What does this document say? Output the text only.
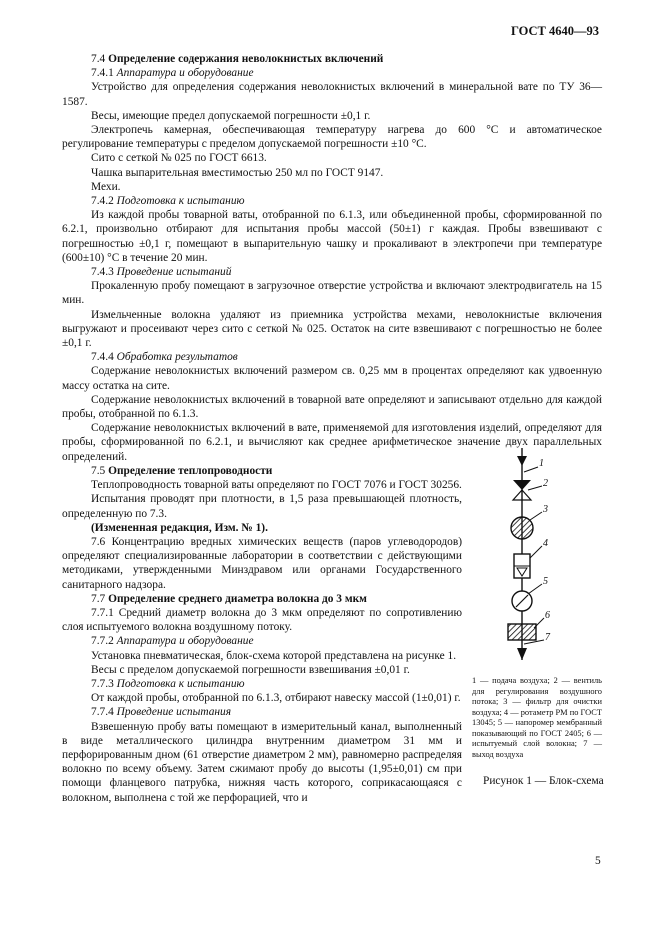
ГОСТ 4640—93

7.4 Определение содержания неволокнистых включений

7.4.1 Аппаратура и оборудование

Устройство для определения содержания неволокнистых включений в минеральной вате по ТУ 36—1587.

Весы, имеющие предел допускаемой погрешности ±0,1 г.

Электропечь камерная, обеспечивающая температуру нагрева до 600 °С и автоматическое регулирование температуры с пределом допускаемой погрешности ±10 °С.

Сито с сеткой № 025 по ГОСТ 6613.

Чашка выпарительная вместимостью 250 мл по ГОСТ 9147.

Мехи.

7.4.2 Подготовка к испытанию

Из каждой пробы товарной ваты, отобранной по 6.1.3, или объединенной пробы, сформированной по 6.2.1, произвольно отбирают для испытания пробы массой (50±1) г каждая. Пробы взвешивают с погрешностью ±0,1 г, помещают в выпарительную чашку и прокаливают в электропечи при температуре (600±10) °С в течение 20 мин.

7.4.3 Проведение испытаний

Прокаленную пробу помещают в загрузочное отверстие устройства и включают электродвигатель на 15 мин.

Измельченные волокна удаляют из приемника устройства мехами, неволокнистые включения выгружают и просеивают через сито с сеткой № 025. Остаток на сите взвешивают с погрешностью не более ±0,1 г.

7.4.4 Обработка результатов

Содержание неволокнистых включений размером св. 0,25 мм в процентах определяют как удвоенную массу остатка на сите.

Содержание неволокнистых включений в товарной вате определяют и записывают отдельно для каждой пробы, отобранной по 6.1.3.

Содержание неволокнистых включений в вате, применяемой для изготовления изделий, определяют для пробы, сформированной по 6.2.1, и вычисляют как среднее арифметическое значение двух параллельных определений.

7.5 Определение теплопроводности

Теплопроводность товарной ваты определяют по ГОСТ 7076 и ГОСТ 30256.

Испытания проводят при плотности, в 1,5 раза превышающей плотность, определенную по 7.3.

(Измененная редакция, Изм. № 1).

7.6 Концентрацию вредных химических веществ (паров углеводородов) определяют специализированные лаборатории в соответствии с действующими методиками, утвержденными Минздравом или органами Государственного санитарного надзора.

7.7 Определение среднего диаметра волокна до 3 мкм

7.7.1 Средний диаметр волокна до 3 мкм определяют по сопротивлению слоя испытуемого волокна воздушному потоку.

7.7.2 Аппаратура и оборудование

Установка пневматическая, блок-схема которой представлена на рисунке 1.

Весы с пределом допускаемой погрешности взвешивания ±0,01 г.

7.7.3 Подготовка к испытанию

От каждой пробы, отобранной по 6.1.3, отбирают навеску массой (1±0,01) г.

7.7.4 Проведение испытания

Взвешенную пробу ваты помещают в измерительный канал, выполненный в виде металлического цилиндра внутренним диаметром 31 мм и перфорированным дном (61 отверстие диаметром 2 мм), равномерно распределяя волокно по всему объему. Затем сжимают пробу до высоты (1,95±0,01) см при помощи фланцевого патрубка, нижняя часть которого, соприкасающаяся с волокном, выполнена с той же перфорацией, что и

1
2
3
4
5
6
7
1 — подача воздуха; 2 — вентиль для регулирования воздушного потока; 3 — фильтр для очистки воздуха; 4 — ротаметр РМ по ГОСТ 13045; 5 — напоромер мембранный показывающий по ГОСТ 2405; 6 — испытуемый слой волокна; 7 — выход воздуха
Рисунок 1 — Блок-схема
5
